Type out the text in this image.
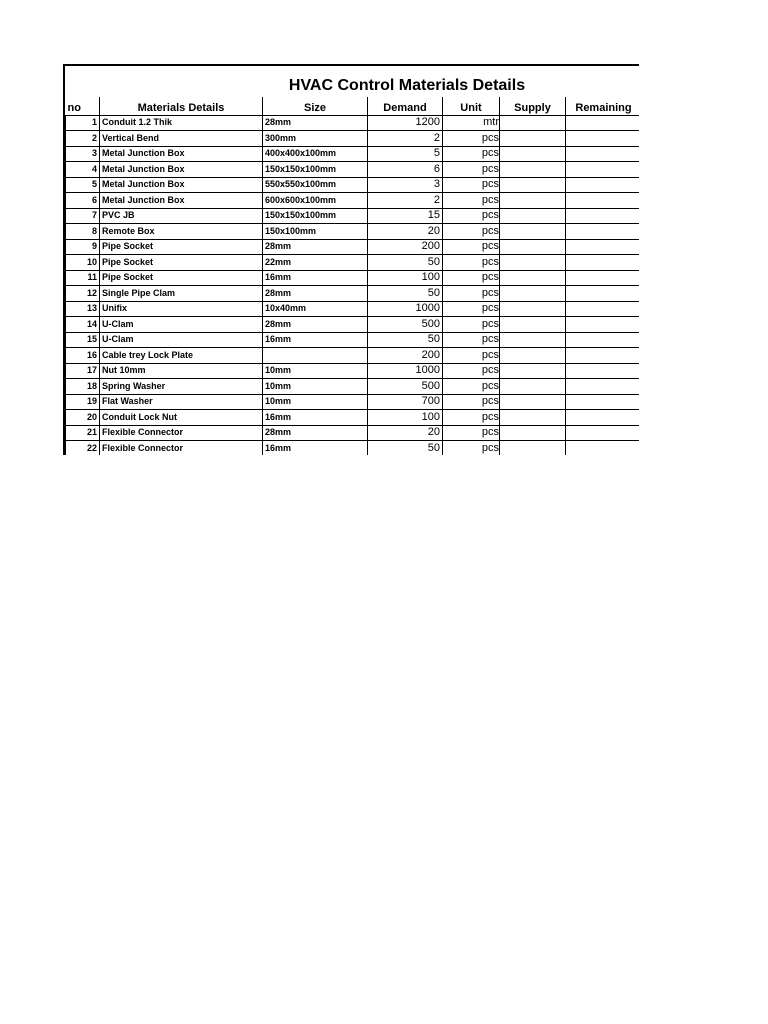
HVAC Control Materials Details
no	Materials Details	Size	Demand	Unit	Supply	Remaining
1	Conduit 1.2 Thik	28mm	1200	mtr		
2	Vertical Bend	300mm	2	pcs		
3	Metal Junction Box	400x400x100mm	5	pcs		
4	Metal Junction Box	150x150x100mm	6	pcs		
5	Metal Junction Box	550x550x100mm	3	pcs		
6	Metal Junction Box	600x600x100mm	2	pcs		
7	PVC JB	150x150x100mm	15	pcs		
8	Remote Box	150x100mm	20	pcs		
9	Pipe Socket	28mm	200	pcs		
10	Pipe Socket	22mm	50	pcs		
11	Pipe Socket	16mm	100	pcs		
12	Single Pipe Clam	28mm	50	pcs		
13	Unifix	10x40mm	1000	pcs		
14	U-Clam	28mm	500	pcs		
15	U-Clam	16mm	50	pcs		
16	Cable trey Lock Plate		200	pcs		
17	Nut 10mm	10mm	1000	pcs		
18	Spring Washer	10mm	500	pcs		
19	Flat Washer	10mm	700	pcs		
20	Conduit Lock Nut	16mm	100	pcs		
21	Flexible Connector	28mm	20	pcs		
22	Flexible Connector	16mm	50	pcs		
